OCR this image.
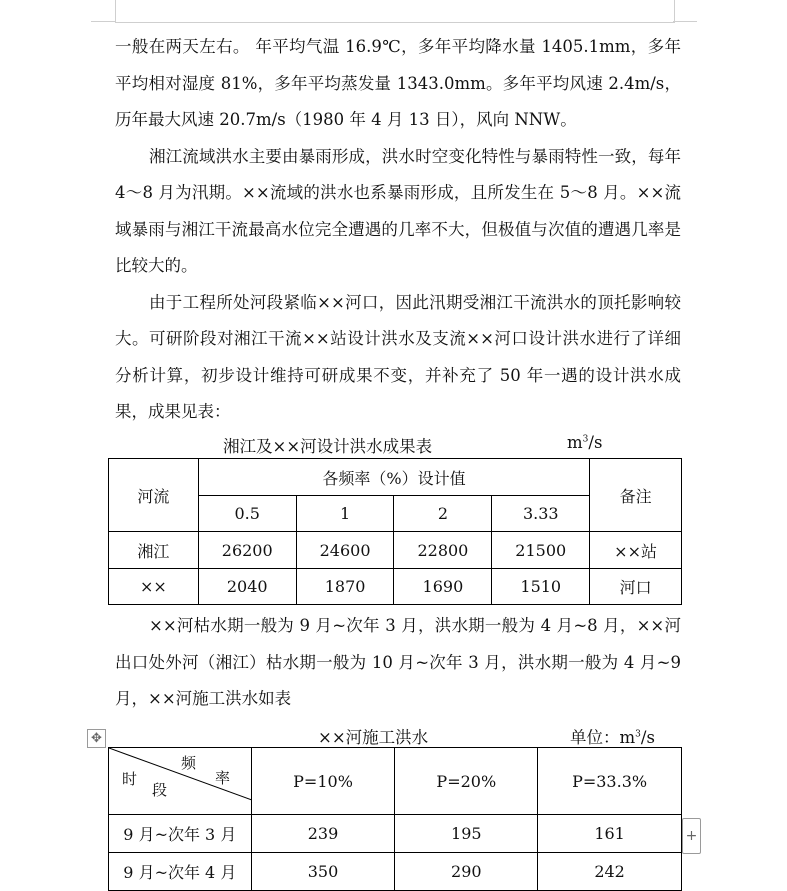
一般在两天左右。 年平均气温 16.9℃，多年平均降水量 1405.1mm，多年平均相对湿度 81%，多年平均蒸发量 1343.0mm。多年平均风速 2.4m/s，历年最大风速 20.7m/s（1980 年 4 月 13 日），风向 NNW。

湘江流域洪水主要由暴雨形成，洪水时空变化特性与暴雨特性一致，每年 4～8 月为汛期。××流域的洪水也系暴雨形成，且所发生在 5～8 月。××流域暴雨与湘江干流最高水位完全遭遇的几率不大，但极值与次值的遭遇几率是比较大的。

由于工程所处河段紧临××河口，因此汛期受湘江干流洪水的顶托影响较大。可研阶段对湘江干流××站设计洪水及支流××河口设计洪水进行了详细分析计算，初步设计维持可研成果不变，并补充了 50 年一遇的设计洪水成果，成果见表：

湘江及××河设计洪水成果表	$m^3/s$
河流	各频率（%）设计值				备注
	0.5	1	2	3.33	
湘江	26200	24600	22800	21500	××站
××	2040	1870	1690	1510	河口

××河枯水期一般为 9 月~次年 3 月，洪水期一般为 4 月~8 月，××河出口处外河（湘江）枯水期一般为 10 月~次年 3 月，洪水期一般为 4 月~9 月，××河施工洪水如表

××河施工洪水	单位：$m^3/s$
✥
频
率
时
段	P=10%	P=20%	P=33.3%
9 月~次年 3 月	239	195	161
9 月~次年 4 月	350	290	242
+
